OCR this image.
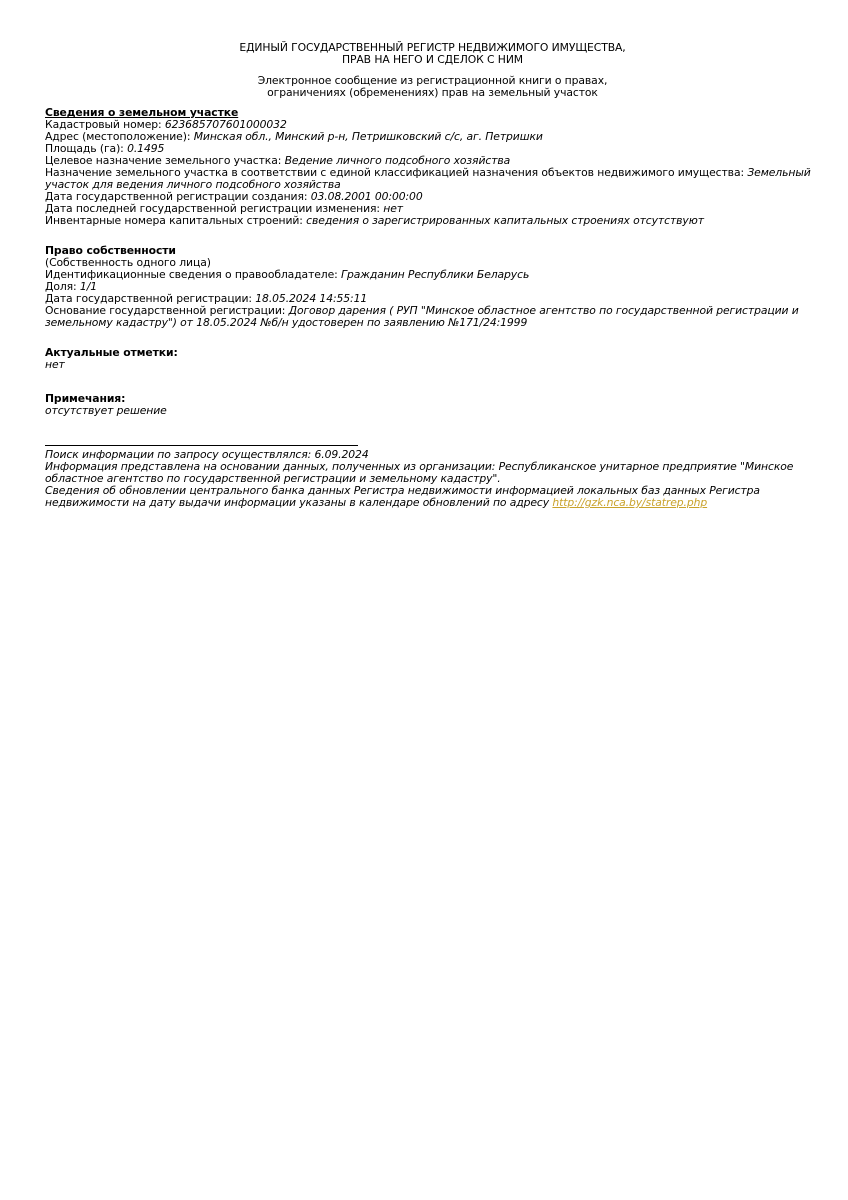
ЕДИНЫЙ ГОСУДАРСТВЕННЫЙ РЕГИСТР НЕДВИЖИМОГО ИМУЩЕСТВА,
ПРАВ НА НЕГО И СДЕЛОК С НИМ
Электронное сообщение из регистрационной книги о правах,
ограничениях (обременениях) прав на земельный участок
Сведения о земельном участке
Кадастровый номер: 623685707601000032
Адрес (местоположение): Минская обл., Минский р-н, Петришковский с/с, аг. Петришки
Площадь (га): 0.1495
Целевое назначение земельного участка: Ведение личного подсобного хозяйства
Назначение земельного участка в соответствии с единой классификацией назначения объектов недвижимого имущества: Земельный участок для ведения личного подсобного хозяйства
Дата государственной регистрации создания: 03.08.2001 00:00:00
Дата последней государственной регистрации изменения: нет
Инвентарные номера капитальных строений: сведения о зарегистрированных капитальных строениях отсутствуют
Право собственности
(Собственность одного лица)
Идентификационные сведения о правообладателе: Гражданин Республики Беларусь
Доля: 1/1
Дата государственной регистрации: 18.05.2024 14:55:11
Основание государственной регистрации: Договор дарения ( РУП "Минское областное агентство по государственной регистрации и земельному кадастру") от 18.05.2024 №б/н удостоверен по заявлению №171/24:1999
Актуальные отметки:
нет
Примечания:
отсутствует решение
Поиск информации по запросу осуществлялся: 6.09.2024
Информация представлена на основании данных, полученных из организации: Республиканское унитарное предприятие "Минское областное агентство по государственной регистрации и земельному кадастру".
Сведения об обновлении центрального банка данных Регистра недвижимости информацией локальных баз данных Регистра недвижимости на дату выдачи информации указаны в календаре обновлений по адресу http://gzk.nca.by/statrep.php
